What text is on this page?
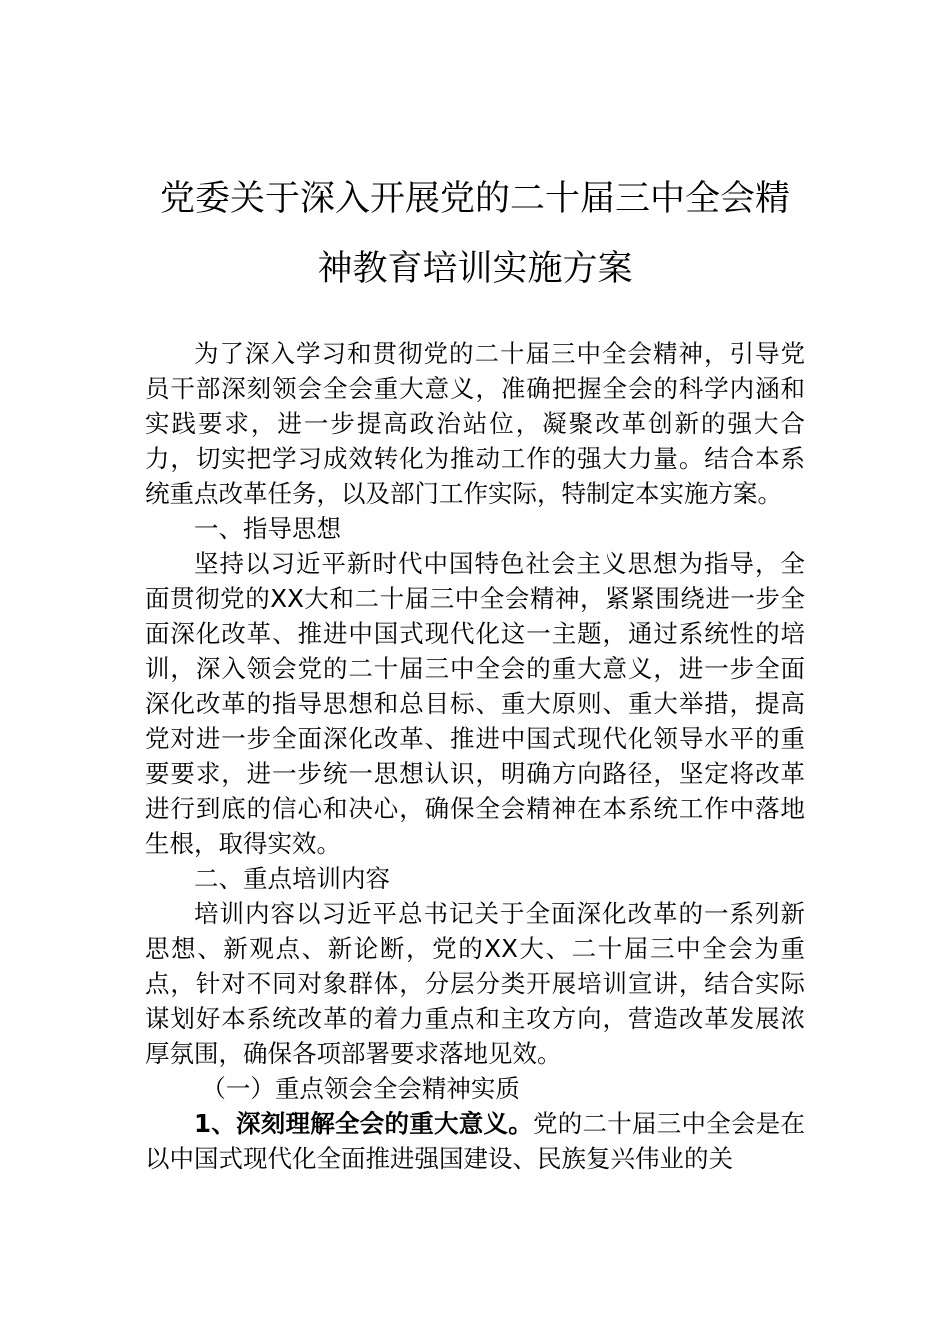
党委关于深入开展党的二十届三中全会精
神教育培训实施方案

为了深入学习和贯彻党的二十届三中全会精神，引导党员干部深刻领会全会重大意义，准确把握全会的科学内涵和实践要求，进一步提高政治站位，凝聚改革创新的强大合力，切实把学习成效转化为推动工作的强大力量。结合本系统重点改革任务，以及部门工作实际，特制定本实施方案。

一、指导思想

坚持以习近平新时代中国特色社会主义思想为指导，全面贯彻党的XX大和二十届三中全会精神，紧紧围绕进一步全面深化改革、推进中国式现代化这一主题，通过系统性的培训，深入领会党的二十届三中全会的重大意义，进一步全面深化改革的指导思想和总目标、重大原则、重大举措，提高党对进一步全面深化改革、推进中国式现代化领导水平的重要要求，进一步统一思想认识，明确方向路径，坚定将改革进行到底的信心和决心，确保全会精神在本系统工作中落地生根，取得实效。

二、重点培训内容

培训内容以习近平总书记关于全面深化改革的一系列新思想、新观点、新论断，党的XX大、二十届三中全会为重点，针对不同对象群体，分层分类开展培训宣讲，结合实际谋划好本系统改革的着力重点和主攻方向，营造改革发展浓厚氛围，确保各项部署要求落地见效。

（一）重点领会全会精神实质

1、深刻理解全会的重大意义。党的二十届三中全会是在以中国式现代化全面推进强国建设、民族复兴伟业的关
